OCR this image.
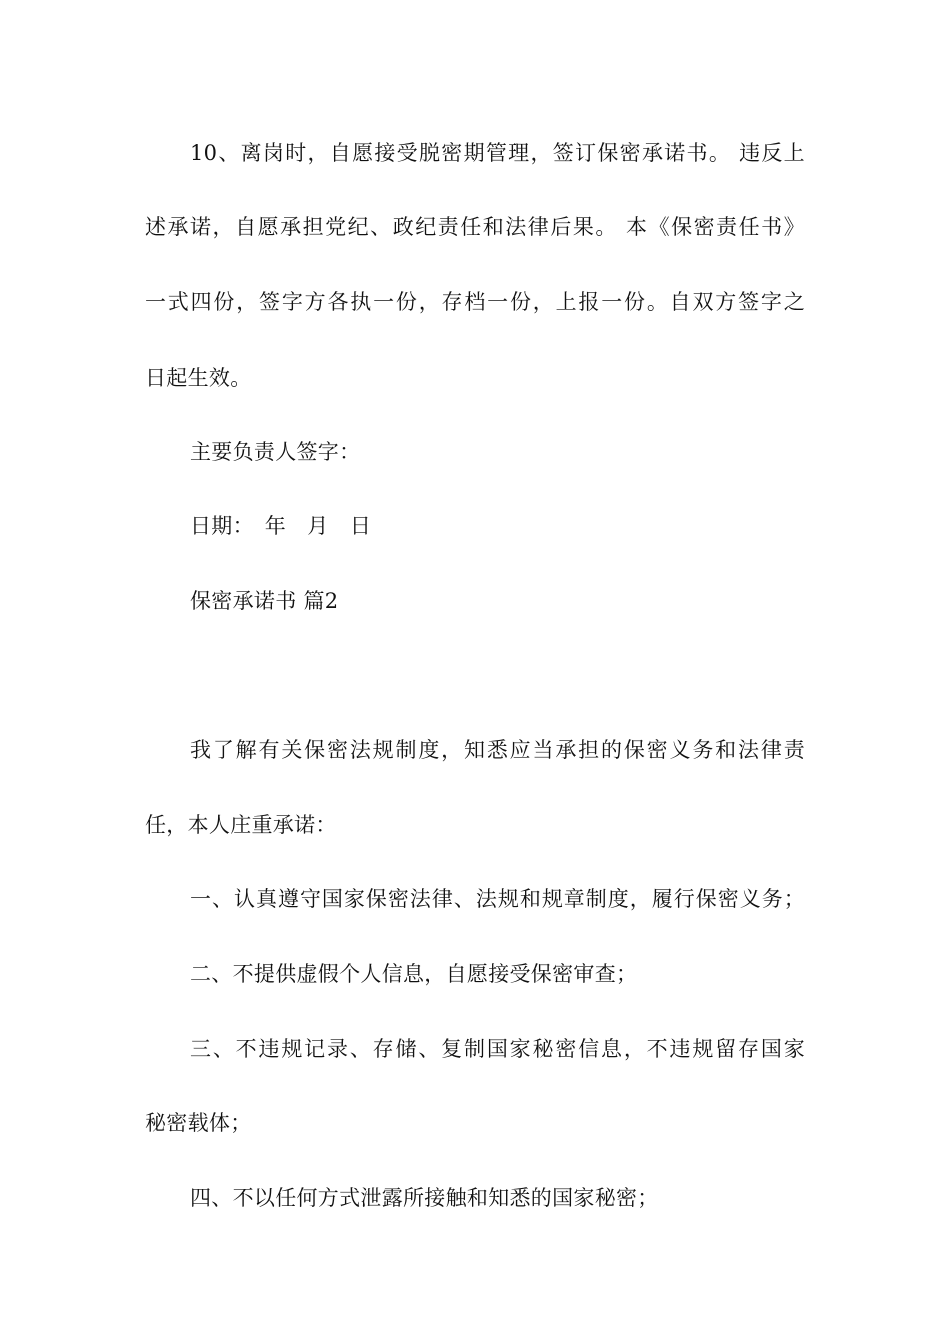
10、离岗时，自愿接受脱密期管理，签订保密承诺书。 违反上
述承诺，自愿承担党纪、政纪责任和法律后果。 本《保密责任书》
一式四份，签字方各执一份，存档一份，上报一份。自双方签字之
日起生效。
主要负责人签字：
日期：　年　月　日
保密承诺书 篇2
我了解有关保密法规制度，知悉应当承担的保密义务和法律责
任，本人庄重承诺：
一、认真遵守国家保密法律、法规和规章制度，履行保密义务；
二、不提供虚假个人信息，自愿接受保密审查；
三、不违规记录、存储、复制国家秘密信息，不违规留存国家
秘密载体；
四、不以任何方式泄露所接触和知悉的国家秘密；
